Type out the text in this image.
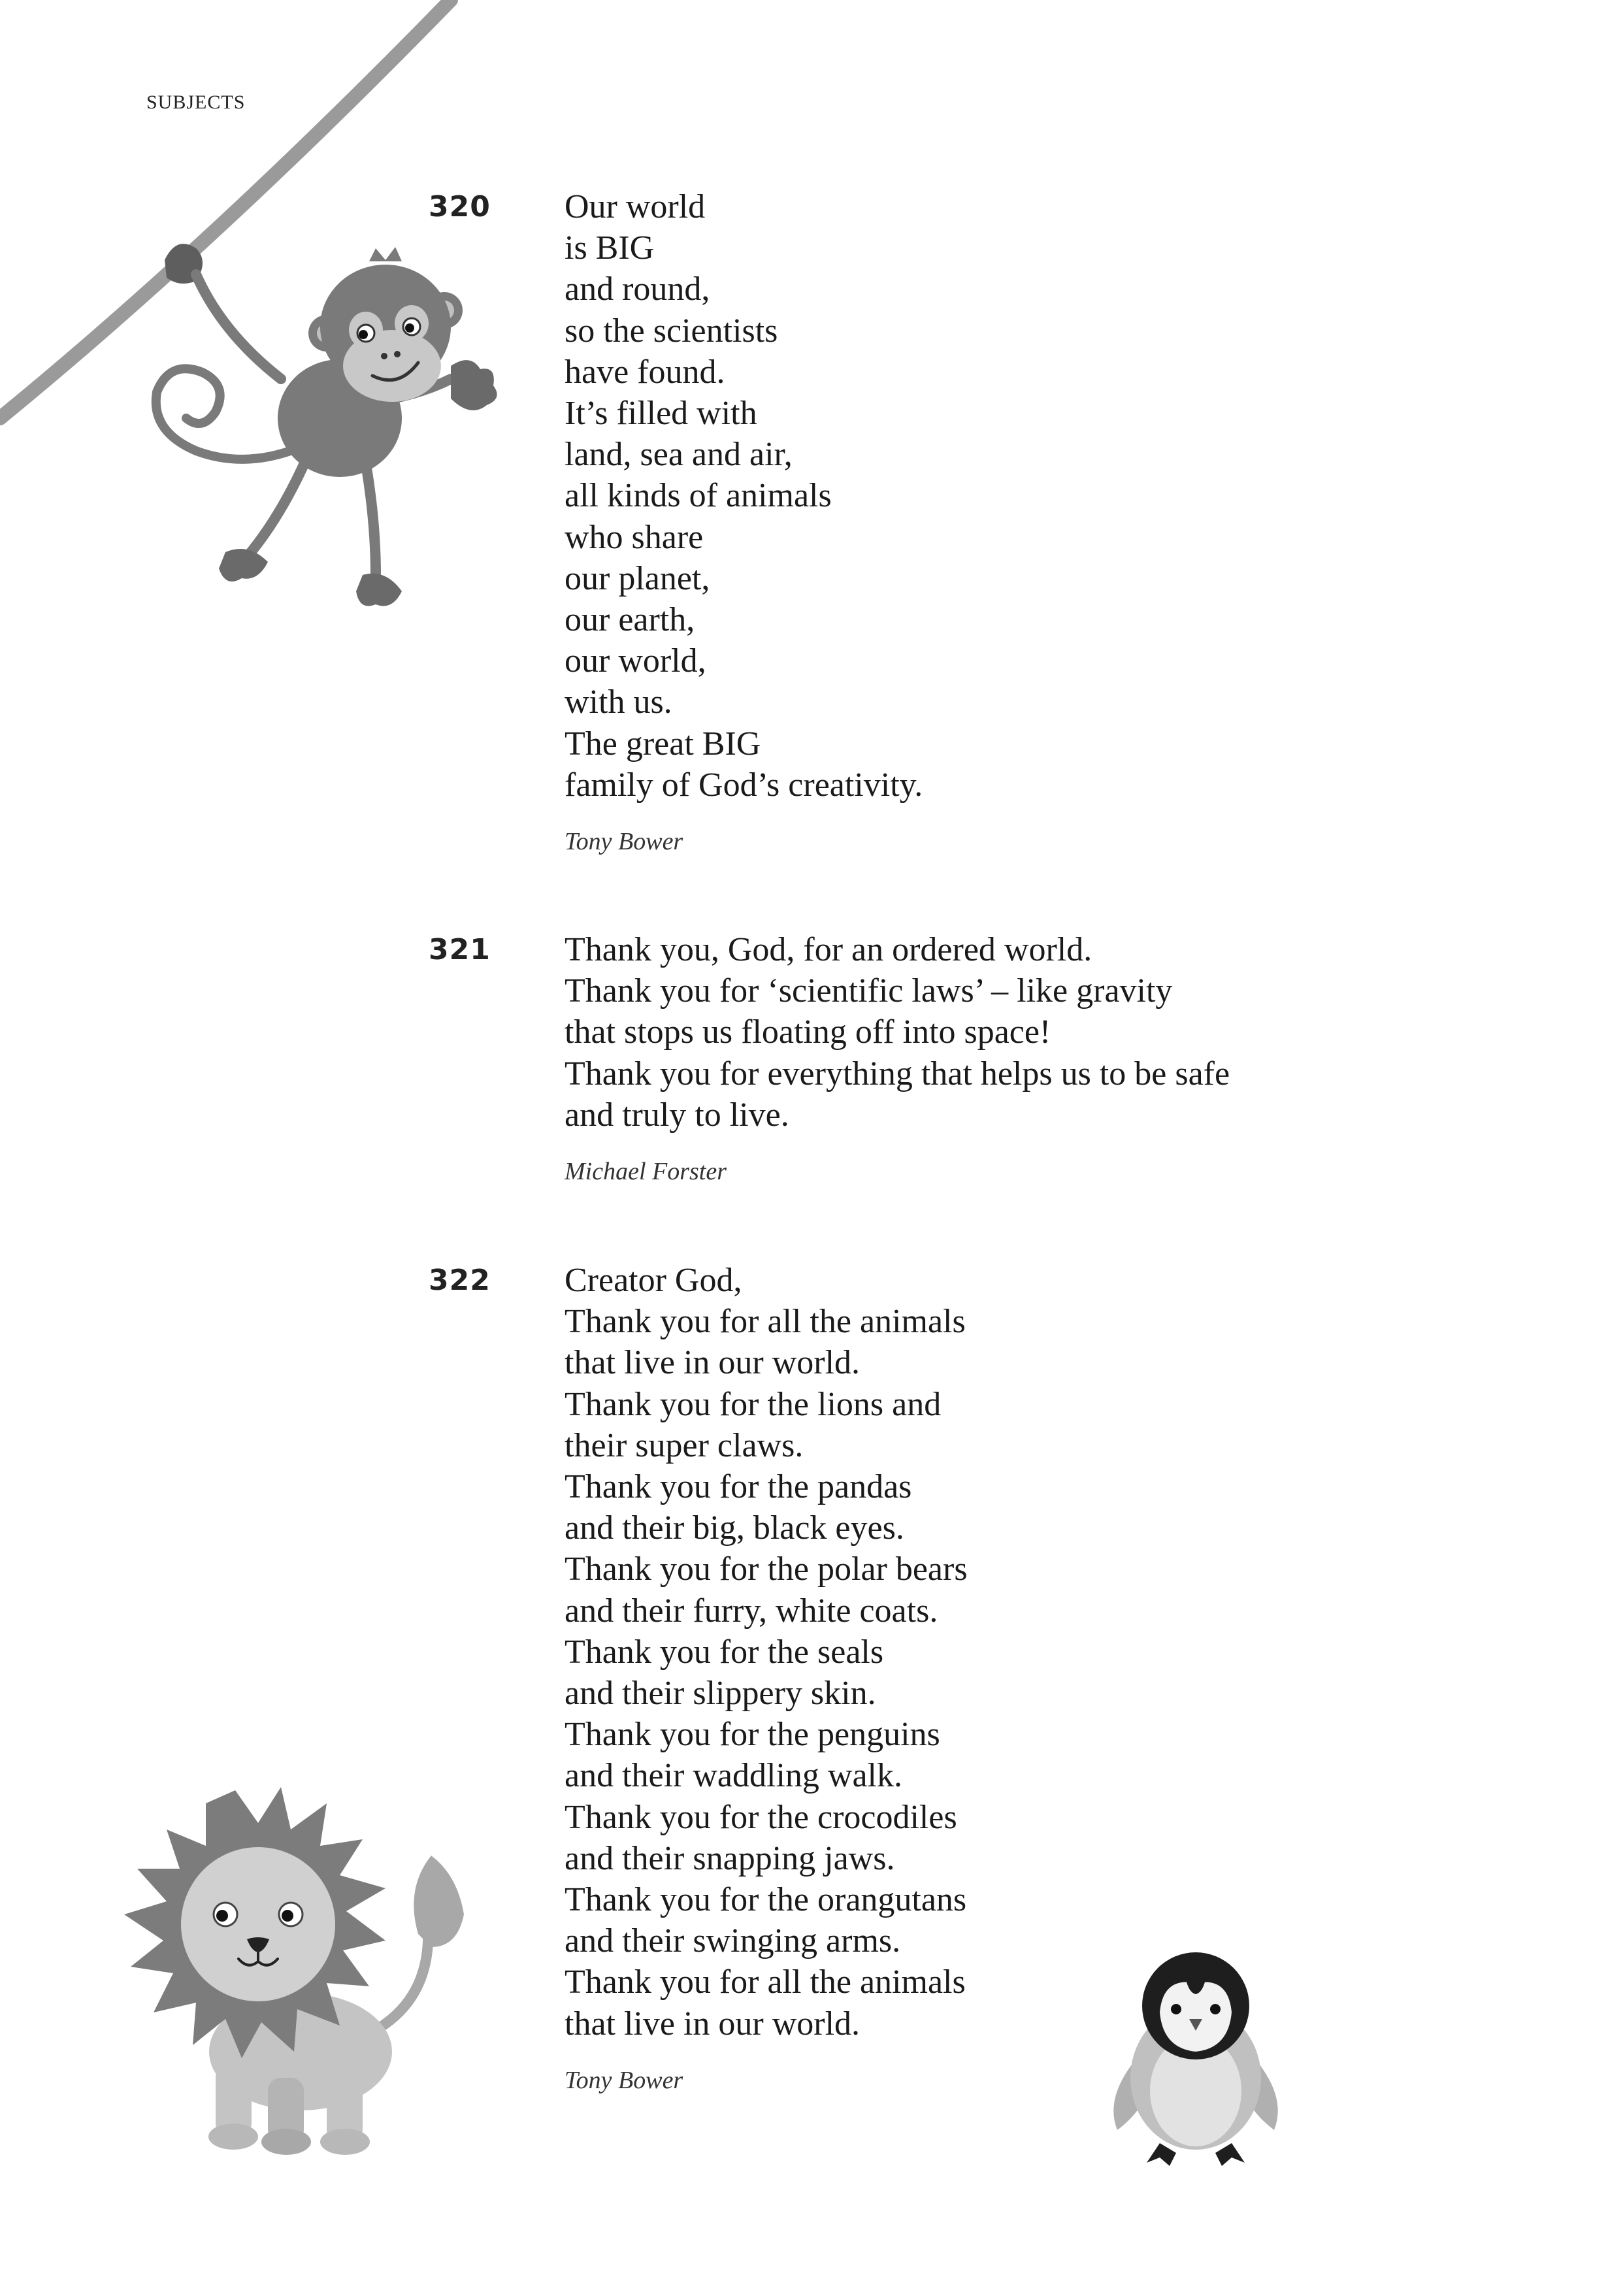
SUBJECTS
320 Our world
is BIG
and round,
so the scientists
have found.
It’s filled with
land, sea and air,
all kinds of animals
who share
our planet,
our earth,
our world,
with us.
The great BIG
family of God’s creativity.
Tony Bower
321 Thank you, God, for an ordered world.
Thank you for ‘scientific laws’ – like gravity
that stops us floating off into space!
Thank you for everything that helps us to be safe
and truly to live.
Michael Forster
322 Creator God,
Thank you for all the animals
that live in our world.
Thank you for the lions and
their super claws.
Thank you for the pandas
and their big, black eyes.
Thank you for the polar bears
and their furry, white coats.
Thank you for the seals
and their slippery skin.
Thank you for the penguins
and their waddling walk.
Thank you for the crocodiles
and their snapping jaws.
Thank you for the orangutans
and their swinging arms.
Thank you for all the animals
that live in our world.
Tony Bower
